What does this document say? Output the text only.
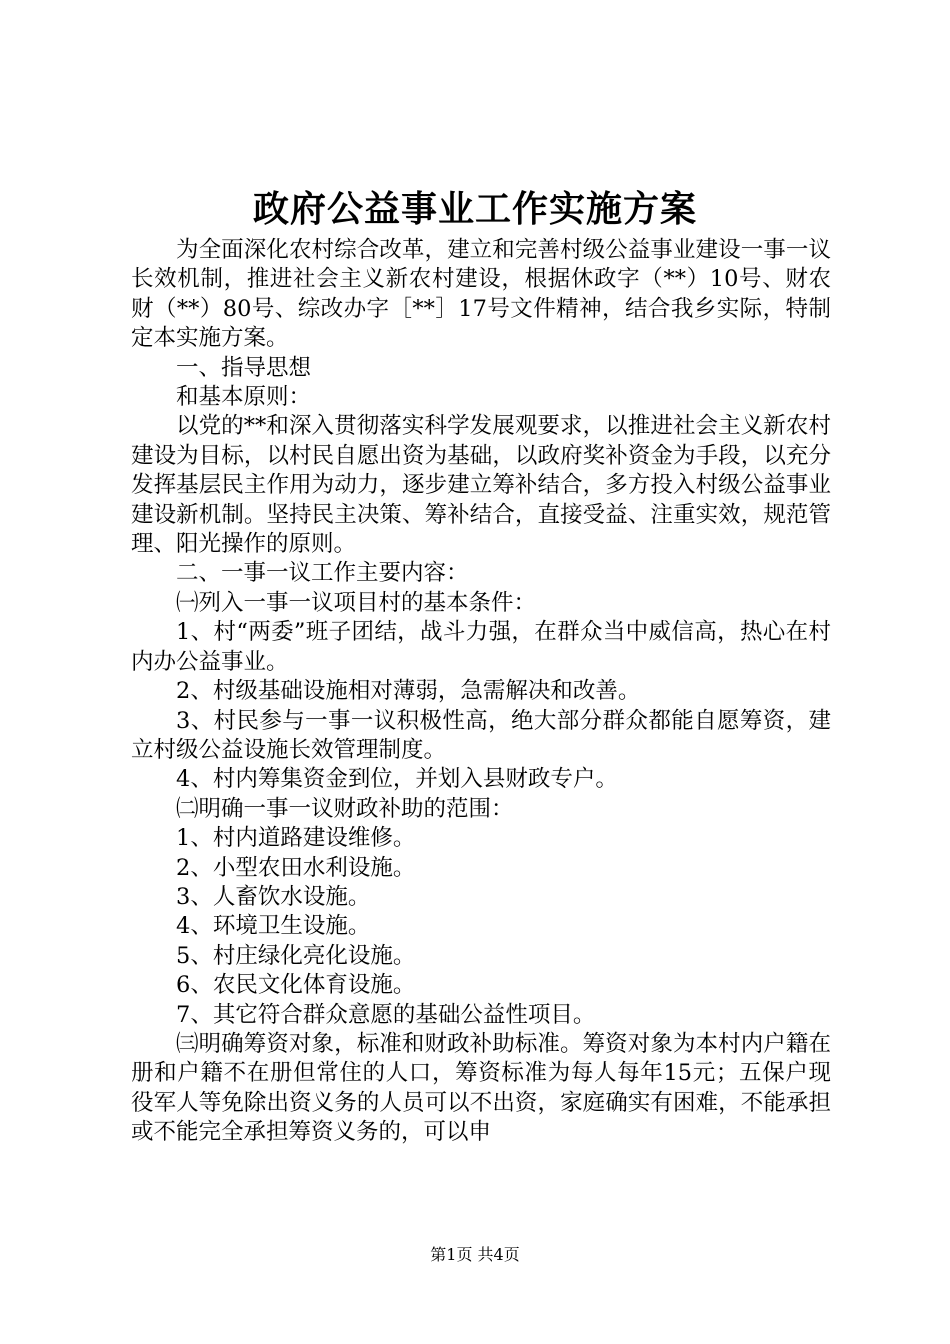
政府公益事业工作实施方案

为全面深化农村综合改革，建立和完善村级公益事业建设一事一议长效机制，推进社会主义新农村建设，根据休政字（**）10号、财农财（**）80号、综改办字［**］17号文件精神，结合我乡实际，特制定本实施方案。

一、指导思想

和基本原则：

以党的**和深入贯彻落实科学发展观要求，以推进社会主义新农村建设为目标，以村民自愿出资为基础，以政府奖补资金为手段，以充分发挥基层民主作用为动力，逐步建立筹补结合，多方投入村级公益事业建设新机制。坚持民主决策、筹补结合，直接受益、注重实效，规范管理、阳光操作的原则。

二、一事一议工作主要内容：

㈠列入一事一议项目村的基本条件：

1、村“两委”班子团结，战斗力强，在群众当中威信高，热心在村内办公益事业。

2、村级基础设施相对薄弱，急需解决和改善。

3、村民参与一事一议积极性高，绝大部分群众都能自愿筹资，建立村级公益设施长效管理制度。

4、村内筹集资金到位，并划入县财政专户。

㈡明确一事一议财政补助的范围：

1、村内道路建设维修。

2、小型农田水利设施。

3、人畜饮水设施。

4、环境卫生设施。

5、村庄绿化亮化设施。

6、农民文化体育设施。

7、其它符合群众意愿的基础公益性项目。

㈢明确筹资对象，标准和财政补助标准。筹资对象为本村内户籍在册和户籍不在册但常住的人口，筹资标准为每人每年15元；五保户现役军人等免除出资义务的人员可以不出资，家庭确实有困难，不能承担或不能完全承担筹资义务的，可以申

第1页 共4页
